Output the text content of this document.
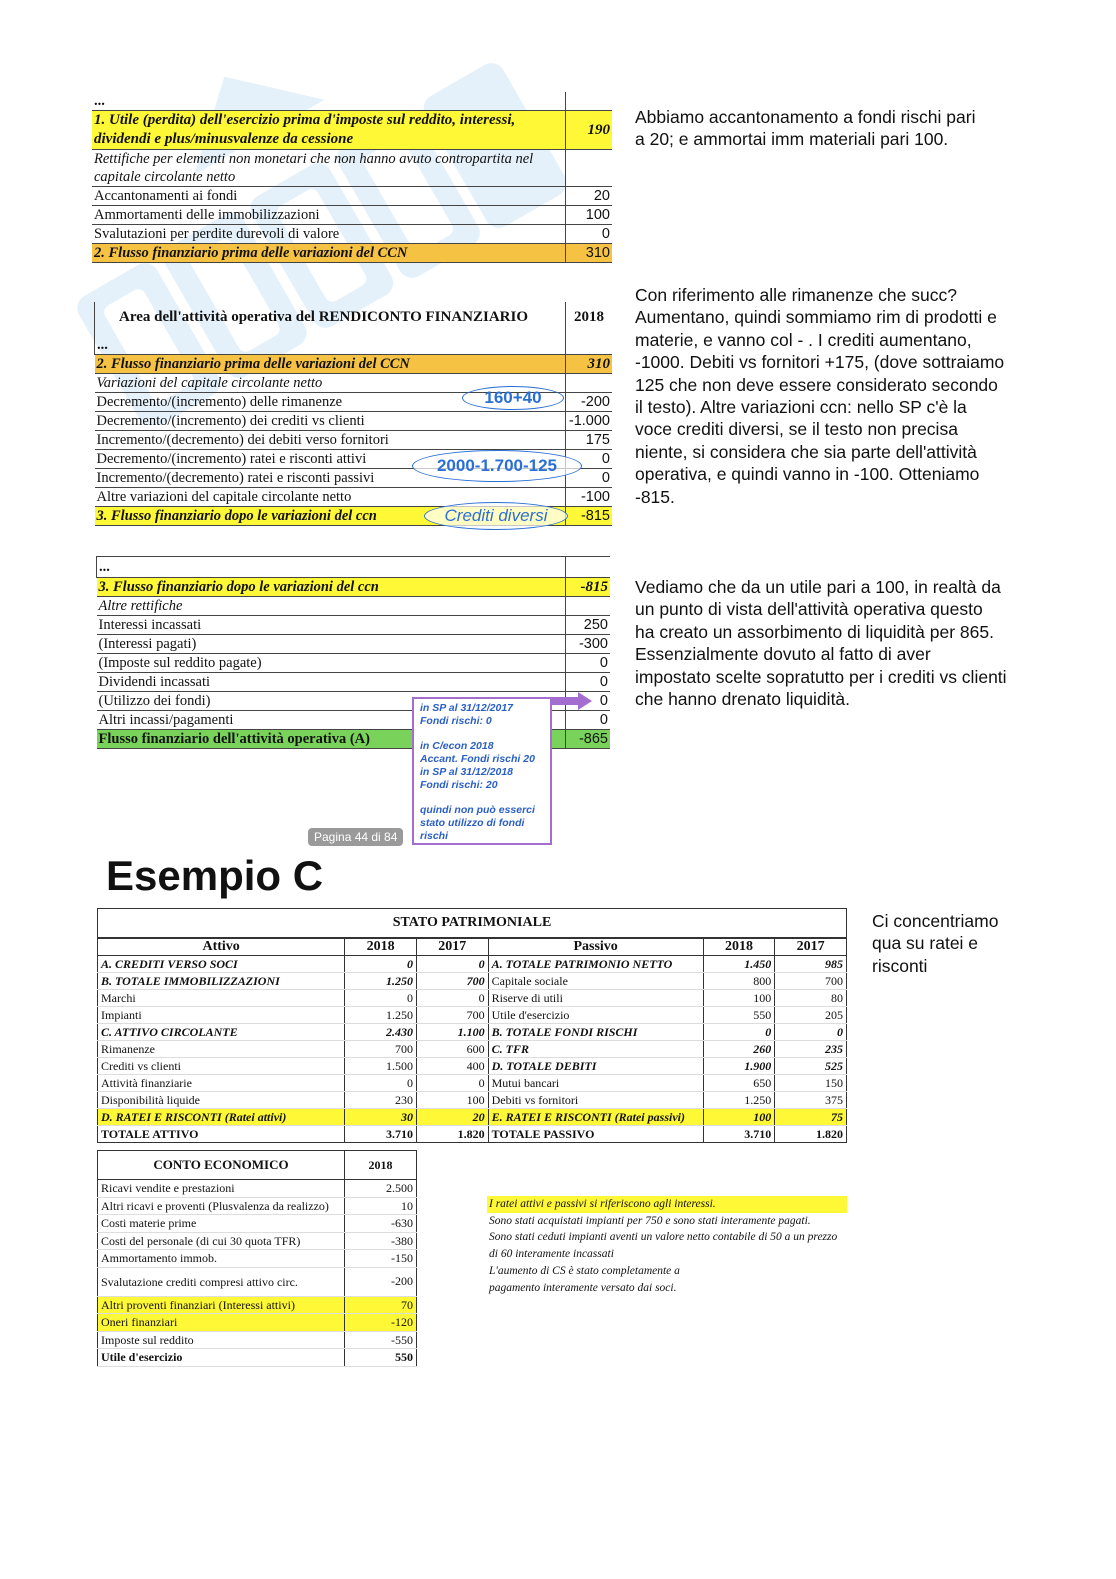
...	
1. Utile (perdita) dell'esercizio prima d'imposte sul reddito, interessi, dividendi e plus/minusvalenze da cessione	190
Rettifiche per elementi non monetari che non hanno avuto contropartita nel capitale circolante netto	
Accantonamenti ai fondi	20
Ammortamenti delle immobilizzazioni	100
Svalutazioni per perdite durevoli di valore	0
2. Flusso finanziario prima delle variazioni del CCN	310
Abbiamo accantonamento a fondi rischi pari a 20; e ammortai imm materiali pari 100.
Area dell'attività operativa del RENDICONTO FINANZIARIO	2018
...	
2. Flusso finanziario prima delle variazioni del CCN	310
Variazioni del capitale circolante netto	
Decremento/(incremento) delle rimanenze	-200
Decremento/(incremento) dei crediti vs clienti	-1.000
Incremento/(decremento) dei debiti verso fornitori	175
Decremento/(incremento) ratei e risconti attivi	0
Incremento/(decremento) ratei e risconti passivi	0
Altre variazioni del capitale circolante netto	-100
3. Flusso finanziario dopo le variazioni del ccn	-815
160+40
2000-1.700-125
Crediti diversi
Con riferimento alle rimanenze che succ? Aumentano, quindi sommiamo rim di prodotti e materie, e vanno col - . I crediti aumentano, -1000. Debiti vs fornitori +175, (dove sottraiamo 125 che non deve essere considerato secondo il testo). Altre variazioni ccn: nello SP c'è la voce crediti diversi, se il testo non precisa niente, si considera che sia parte dell'attività operativa, e quindi vanno in -100. Otteniamo -815.
...	
3. Flusso finanziario dopo le variazioni del ccn	-815
Altre rettifiche	
Interessi incassati	250
(Interessi pagati)	-300
(Imposte sul reddito pagate)	0
Dividendi incassati	0
(Utilizzo dei fondi)	0
Altri incassi/pagamenti	0
Flusso finanziario dell'attività operativa (A)	-865
in SP al 31/12/2017
Fondi rischi: 0
in C/econ 2018
Accant. Fondi rischi 20
in SP al 31/12/2018
Fondi rischi: 20
quindi non può esserci
stato utilizzo di fondi
rischi
Vediamo che da un utile pari a 100, in realtà da un punto di vista dell'attività operativa questo ha creato un assorbimento di liquidità per 865. Essenzialmente dovuto al fatto di aver impostato scelte sopratutto per i crediti vs clienti che hanno drenato liquidità.
Pagina 44 di 84
Esempio C
Ci concentriamo qua su ratei e risconti
STATO PATRIMONIALE					
Attivo	2018	2017	Passivo	2018	2017
A. CREDITI VERSO SOCI	0	0	A. TOTALE PATRIMONIO NETTO	1.450	985
B. TOTALE IMMOBILIZZAZIONI	1.250	700	Capitale sociale	800	700
Marchi	0	0	Riserve di utili	100	80
Impianti	1.250	700	Utile d'esercizio	550	205
C. ATTIVO CIRCOLANTE	2.430	1.100	B. TOTALE FONDI RISCHI	0	0
Rimanenze	700	600	C. TFR	260	235
Crediti vs clienti	1.500	400	D. TOTALE DEBITI	1.900	525
Attività finanziarie	0	0	Mutui bancari	650	150
Disponibilità liquide	230	100	Debiti vs fornitori	1.250	375
D. RATEI E RISCONTI (Ratei attivi)	30	20	E. RATEI E RISCONTI (Ratei passivi)	100	75
TOTALE ATTIVO	3.710	1.820	TOTALE PASSIVO	3.710	1.820
CONTO ECONOMICO	2018
Ricavi vendite e prestazioni	2.500
Altri ricavi e proventi (Plusvalenza da realizzo)	10
Costi materie prime	-630
Costi del personale (di cui 30 quota TFR)	-380
Ammortamento immob.	-150
Svalutazione crediti compresi attivo circ.	-200
Altri proventi finanziari (Interessi attivi)	70
Oneri finanziari	-120
Imposte sul reddito	-550
Utile d'esercizio	550
I ratei attivi e passivi si riferiscono agli interessi.
Sono stati acquistati impianti per 750 e sono stati interamente pagati.
Sono stati ceduti impianti aventi un valore netto contabile di 50 a un prezzo
di 60 interamente incassati
L'aumento di CS è stato completamente a
pagamento interamente versato dai soci.
